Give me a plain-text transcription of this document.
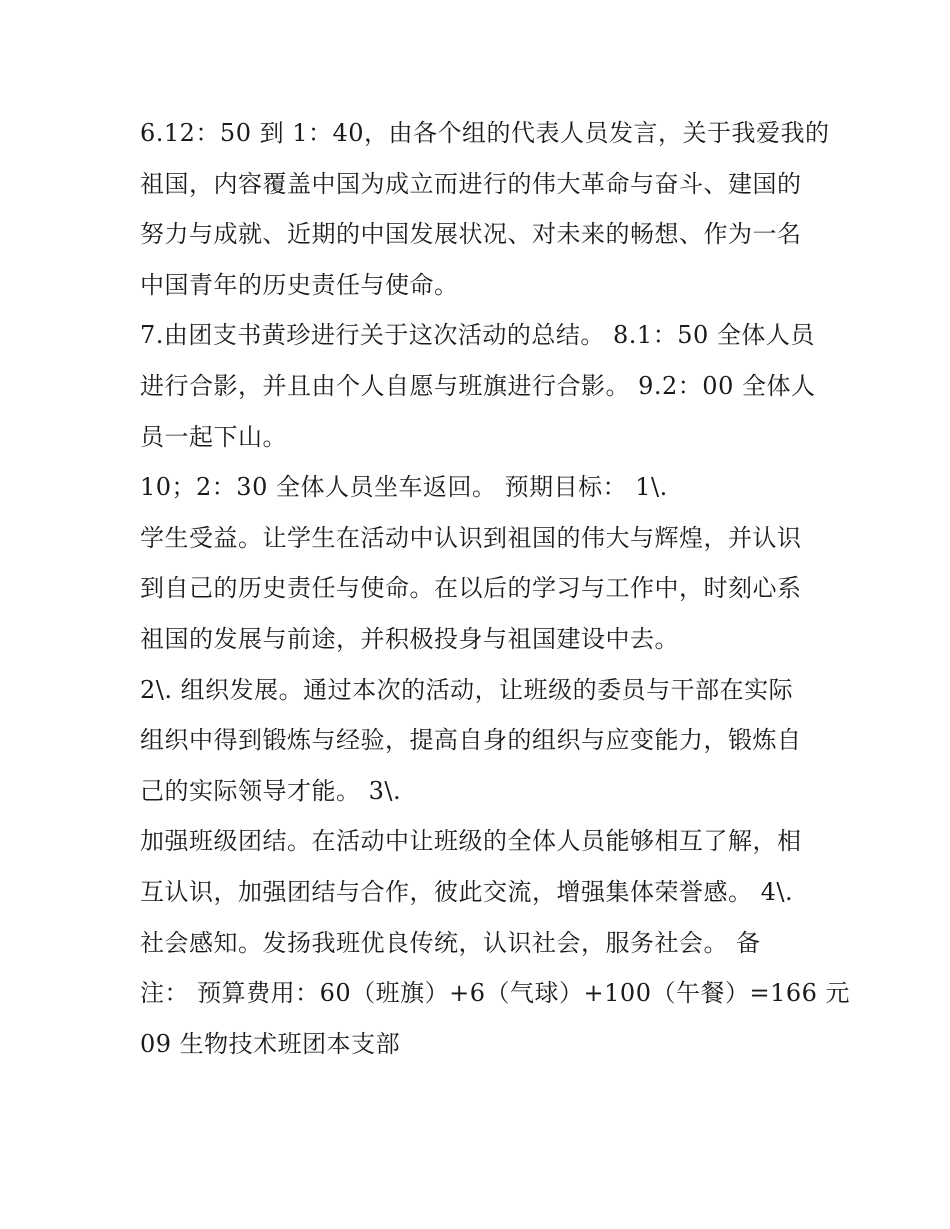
6.12：50 到 1：40，由各个组的代表人员发言，关于我爱我的
祖国，内容覆盖中国为成立而进行的伟大革命与奋斗、建国的
努力与成就、近期的中国发展状况、对未来的畅想、作为一名
中国青年的历史责任与使命。
7.由团支书黄珍进行关于这次活动的总结。 8.1：50 全体人员
进行合影，并且由个人自愿与班旗进行合影。 9.2：00 全体人
员一起下山。
10；2：30 全体人员坐车返回。 预期目标： 1\.
学生受益。让学生在活动中认识到祖国的伟大与辉煌，并认识
到自己的历史责任与使命。在以后的学习与工作中，时刻心系
祖国的发展与前途，并积极投身与祖国建设中去。
2\. 组织发展。通过本次的活动，让班级的委员与干部在实际
组织中得到锻炼与经验，提高自身的组织与应变能力，锻炼自
己的实际领导才能。 3\.
加强班级团结。在活动中让班级的全体人员能够相互了解，相
互认识，加强团结与合作，彼此交流，增强集体荣誉感。 4\.
社会感知。发扬我班优良传统，认识社会，服务社会。 备
注： 预算费用：60（班旗）+6（气球）+100（午餐）=166 元
09 生物技术班团本支部
